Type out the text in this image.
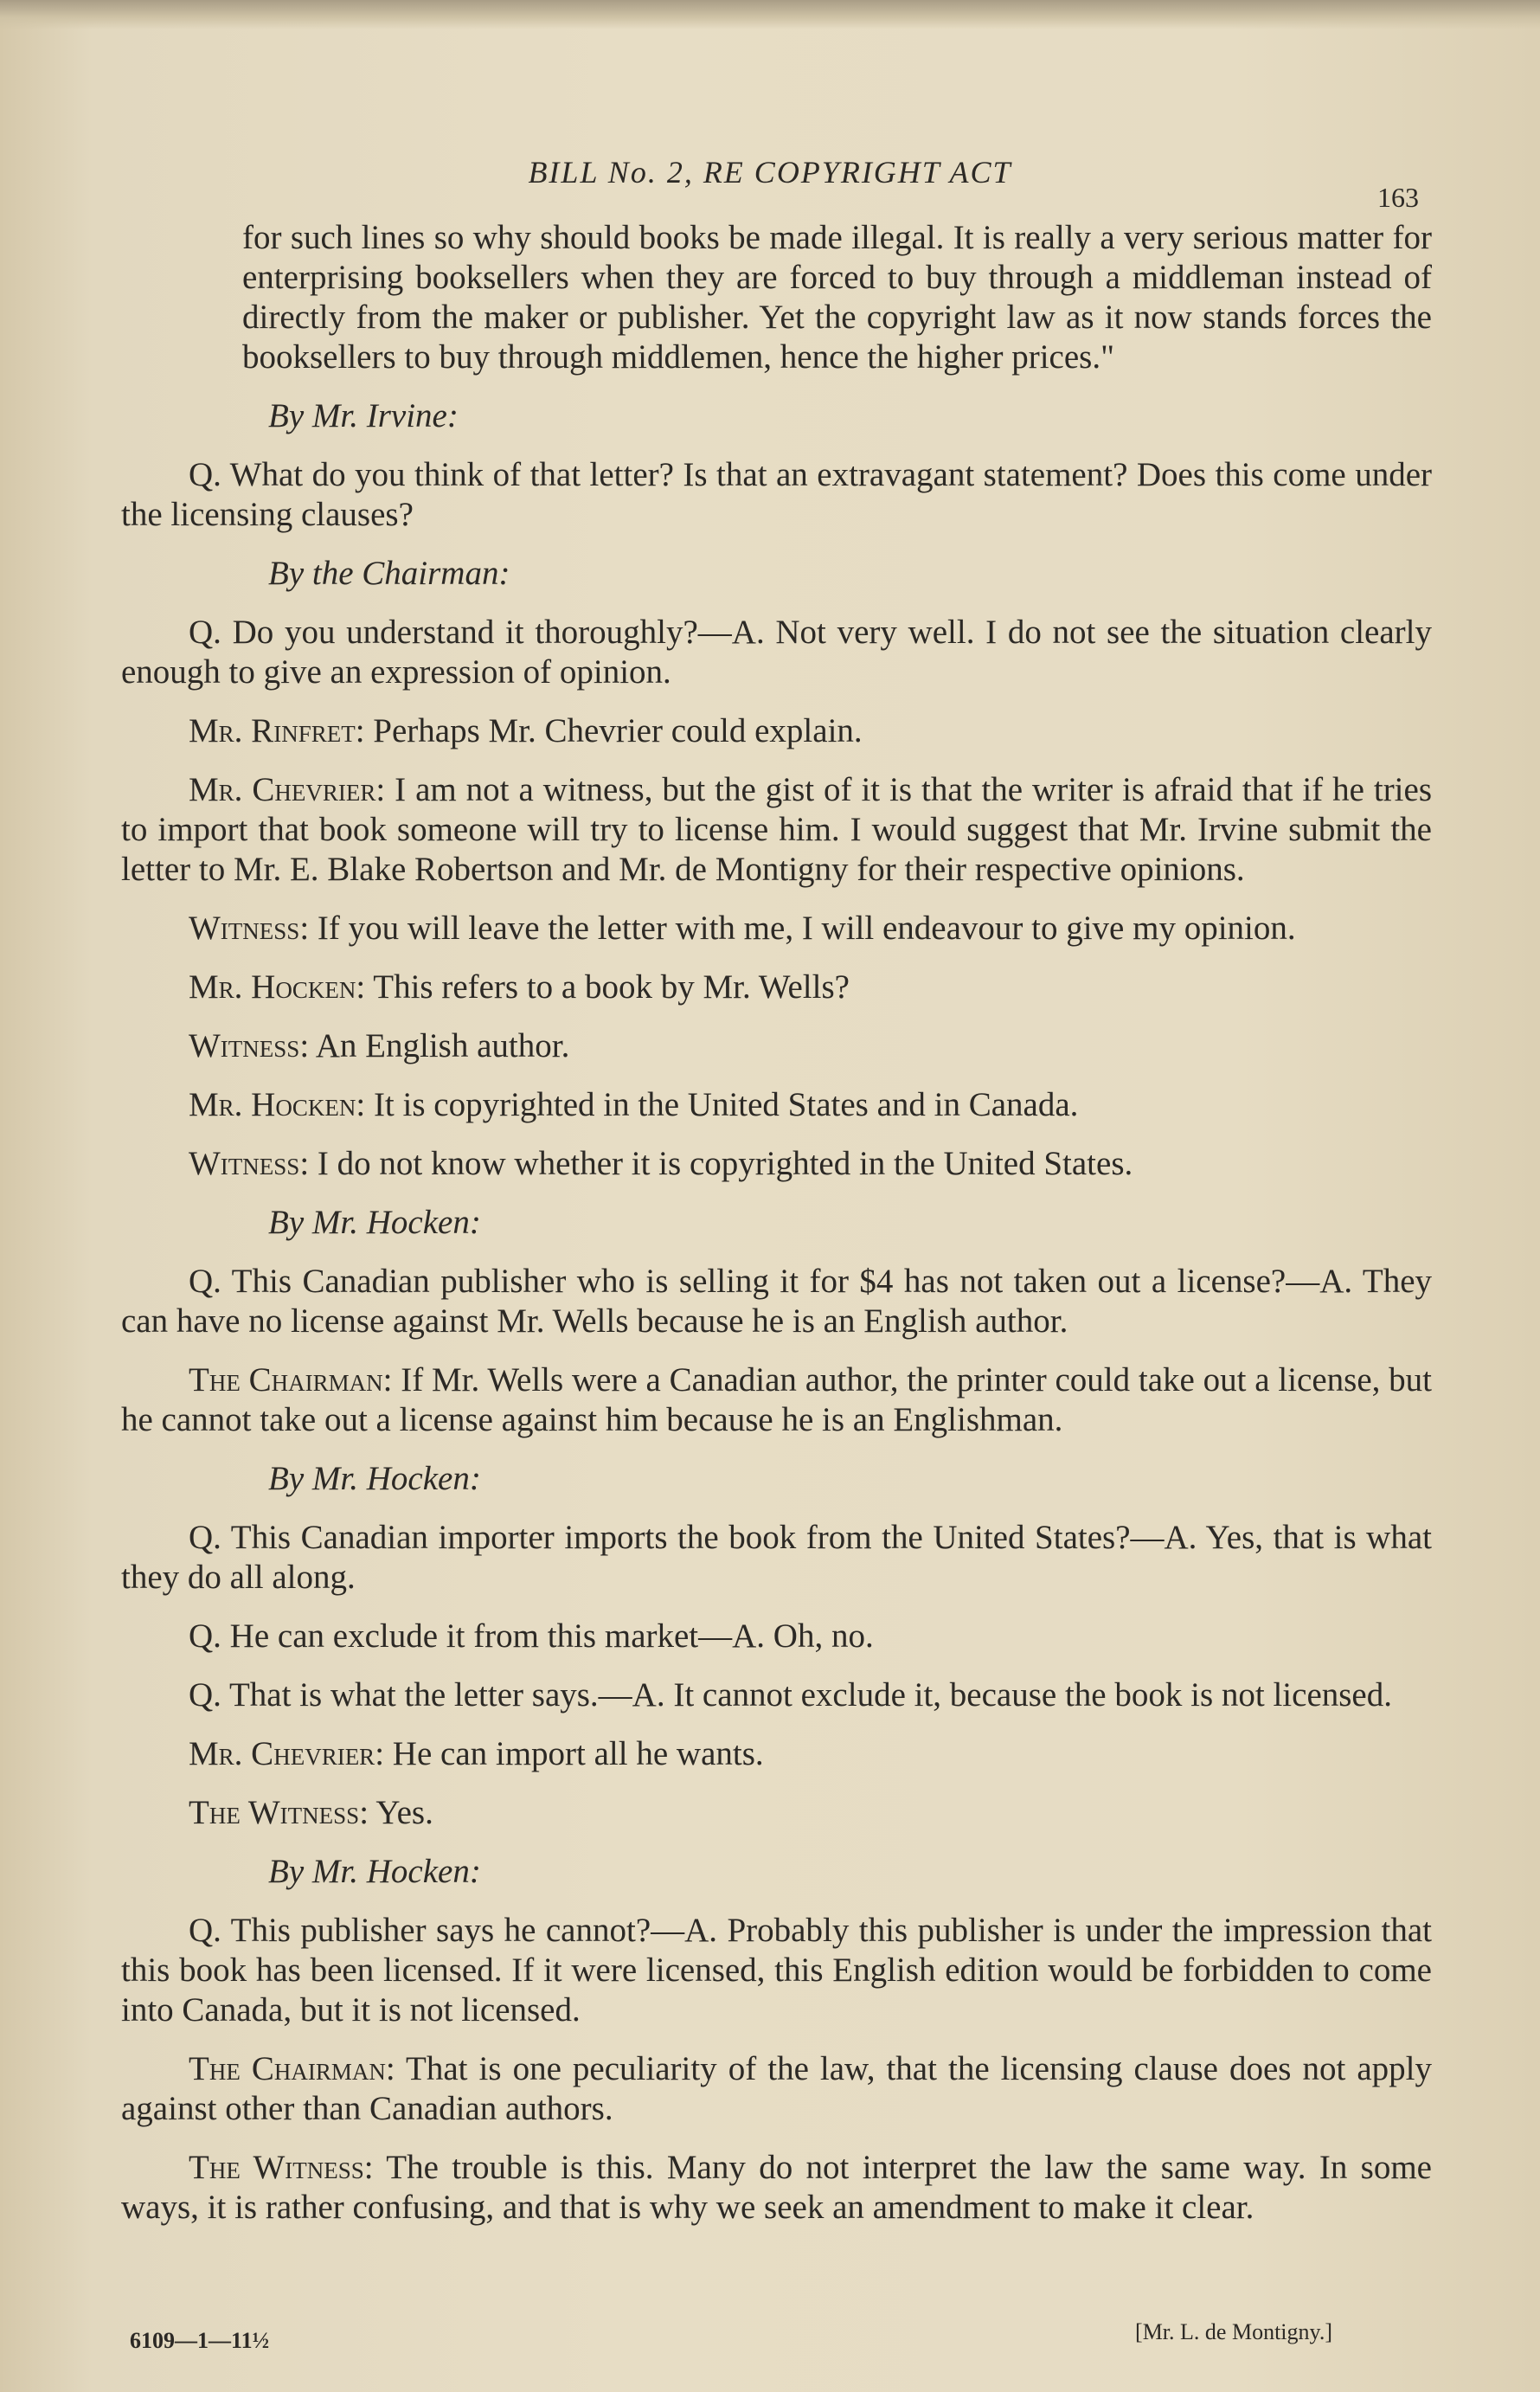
BILL No. 2, RE COPYRIGHT ACT
163

for such lines so why should books be made illegal. It is really a very serious matter for enterprising booksellers when they are forced to buy through a middleman instead of directly from the maker or publisher. Yet the copyright law as it now stands forces the booksellers to buy through middlemen, hence the higher prices."

By Mr. Irvine:

Q. What do you think of that letter? Is that an extravagant statement? Does this come under the licensing clauses?

By the Chairman:

Q. Do you understand it thoroughly?—A. Not very well. I do not see the situation clearly enough to give an expression of opinion.

Mr. Rinfret: Perhaps Mr. Chevrier could explain.

Mr. Chevrier: I am not a witness, but the gist of it is that the writer is afraid that if he tries to import that book someone will try to license him. I would suggest that Mr. Irvine submit the letter to Mr. E. Blake Robertson and Mr. de Montigny for their respective opinions.

Witness: If you will leave the letter with me, I will endeavour to give my opinion.

Mr. Hocken: This refers to a book by Mr. Wells?

Witness: An English author.

Mr. Hocken: It is copyrighted in the United States and in Canada.

Witness: I do not know whether it is copyrighted in the United States.

By Mr. Hocken:

Q. This Canadian publisher who is selling it for $4 has not taken out a license?—A. They can have no license against Mr. Wells because he is an English author.

The Chairman: If Mr. Wells were a Canadian author, the printer could take out a license, but he cannot take out a license against him because he is an Englishman.

By Mr. Hocken:

Q. This Canadian importer imports the book from the United States?—A. Yes, that is what they do all along.

Q. He can exclude it from this market—A. Oh, no.

Q. That is what the letter says.—A. It cannot exclude it, because the book is not licensed.

Mr. Chevrier: He can import all he wants.

The Witness: Yes.

By Mr. Hocken:

Q. This publisher says he cannot?—A. Probably this publisher is under the impression that this book has been licensed. If it were licensed, this English edition would be forbidden to come into Canada, but it is not licensed.

The Chairman: That is one peculiarity of the law, that the licensing clause does not apply against other than Canadian authors.

The Witness: The trouble is this. Many do not interpret the law the same way. In some ways, it is rather confusing, and that is why we seek an amendment to make it clear.

6109—1—11½	[Mr. L. de Montigny.]
